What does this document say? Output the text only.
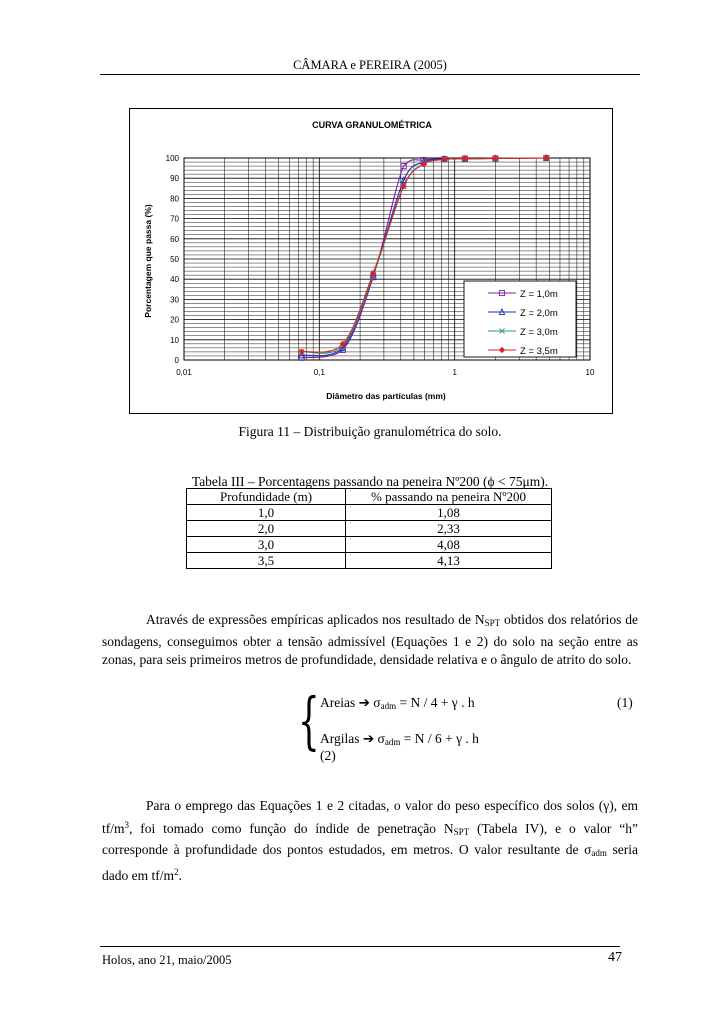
CÂMARA e PEREIRA (2005)
CURVA GRANULOMÉTRICA
0,01	0,1	1	10
0
10
20
30
40
50
60
70
80
90
100
Diâmetro das partículas (mm)
Porcentagem que passa (%)	Z = 1,0m
Z = 2,0m
Z = 3,0m
Z = 3,5m
Figura 11 – Distribuição granulométrica do solo.
Tabela III – Porcentagens passando na peneira Nº200 (ϕ < 75μm).
Profundidade (m)	% passando na peneira Nº200
1,0	1,08
2,0	2,33
3,0	4,08
3,5	4,13
Através de expressões empíricas aplicados nos resultado de $N_{SPT}$ obtidos dos relatórios de sondagens, conseguimos obter a tensão admissível (Equações 1 e 2) do solo na seção entre as zonas, para seis primeiros metros de profundidade, densidade relativa e o ângulo de atrito do solo.
{ Areias ➔ $\sigma_{adm} = N / 4 + \gamma$ . h	(1)
Argilas ➔ $\sigma_{adm} = N / 6 + \gamma$ . h
(2)
Para o emprego das Equações 1 e 2 citadas, o valor do peso específico dos solos (γ), em $tf/m^3$, foi tomado como função do índide de penetração $N_{SPT}$ (Tabela IV), e o valor “h” corresponde à profundidade dos pontos estudados, em metros. O valor resultante de $\sigma_{adm}$ seria dado em $tf/m^2$.
Holos, ano 21, maio/2005	47
